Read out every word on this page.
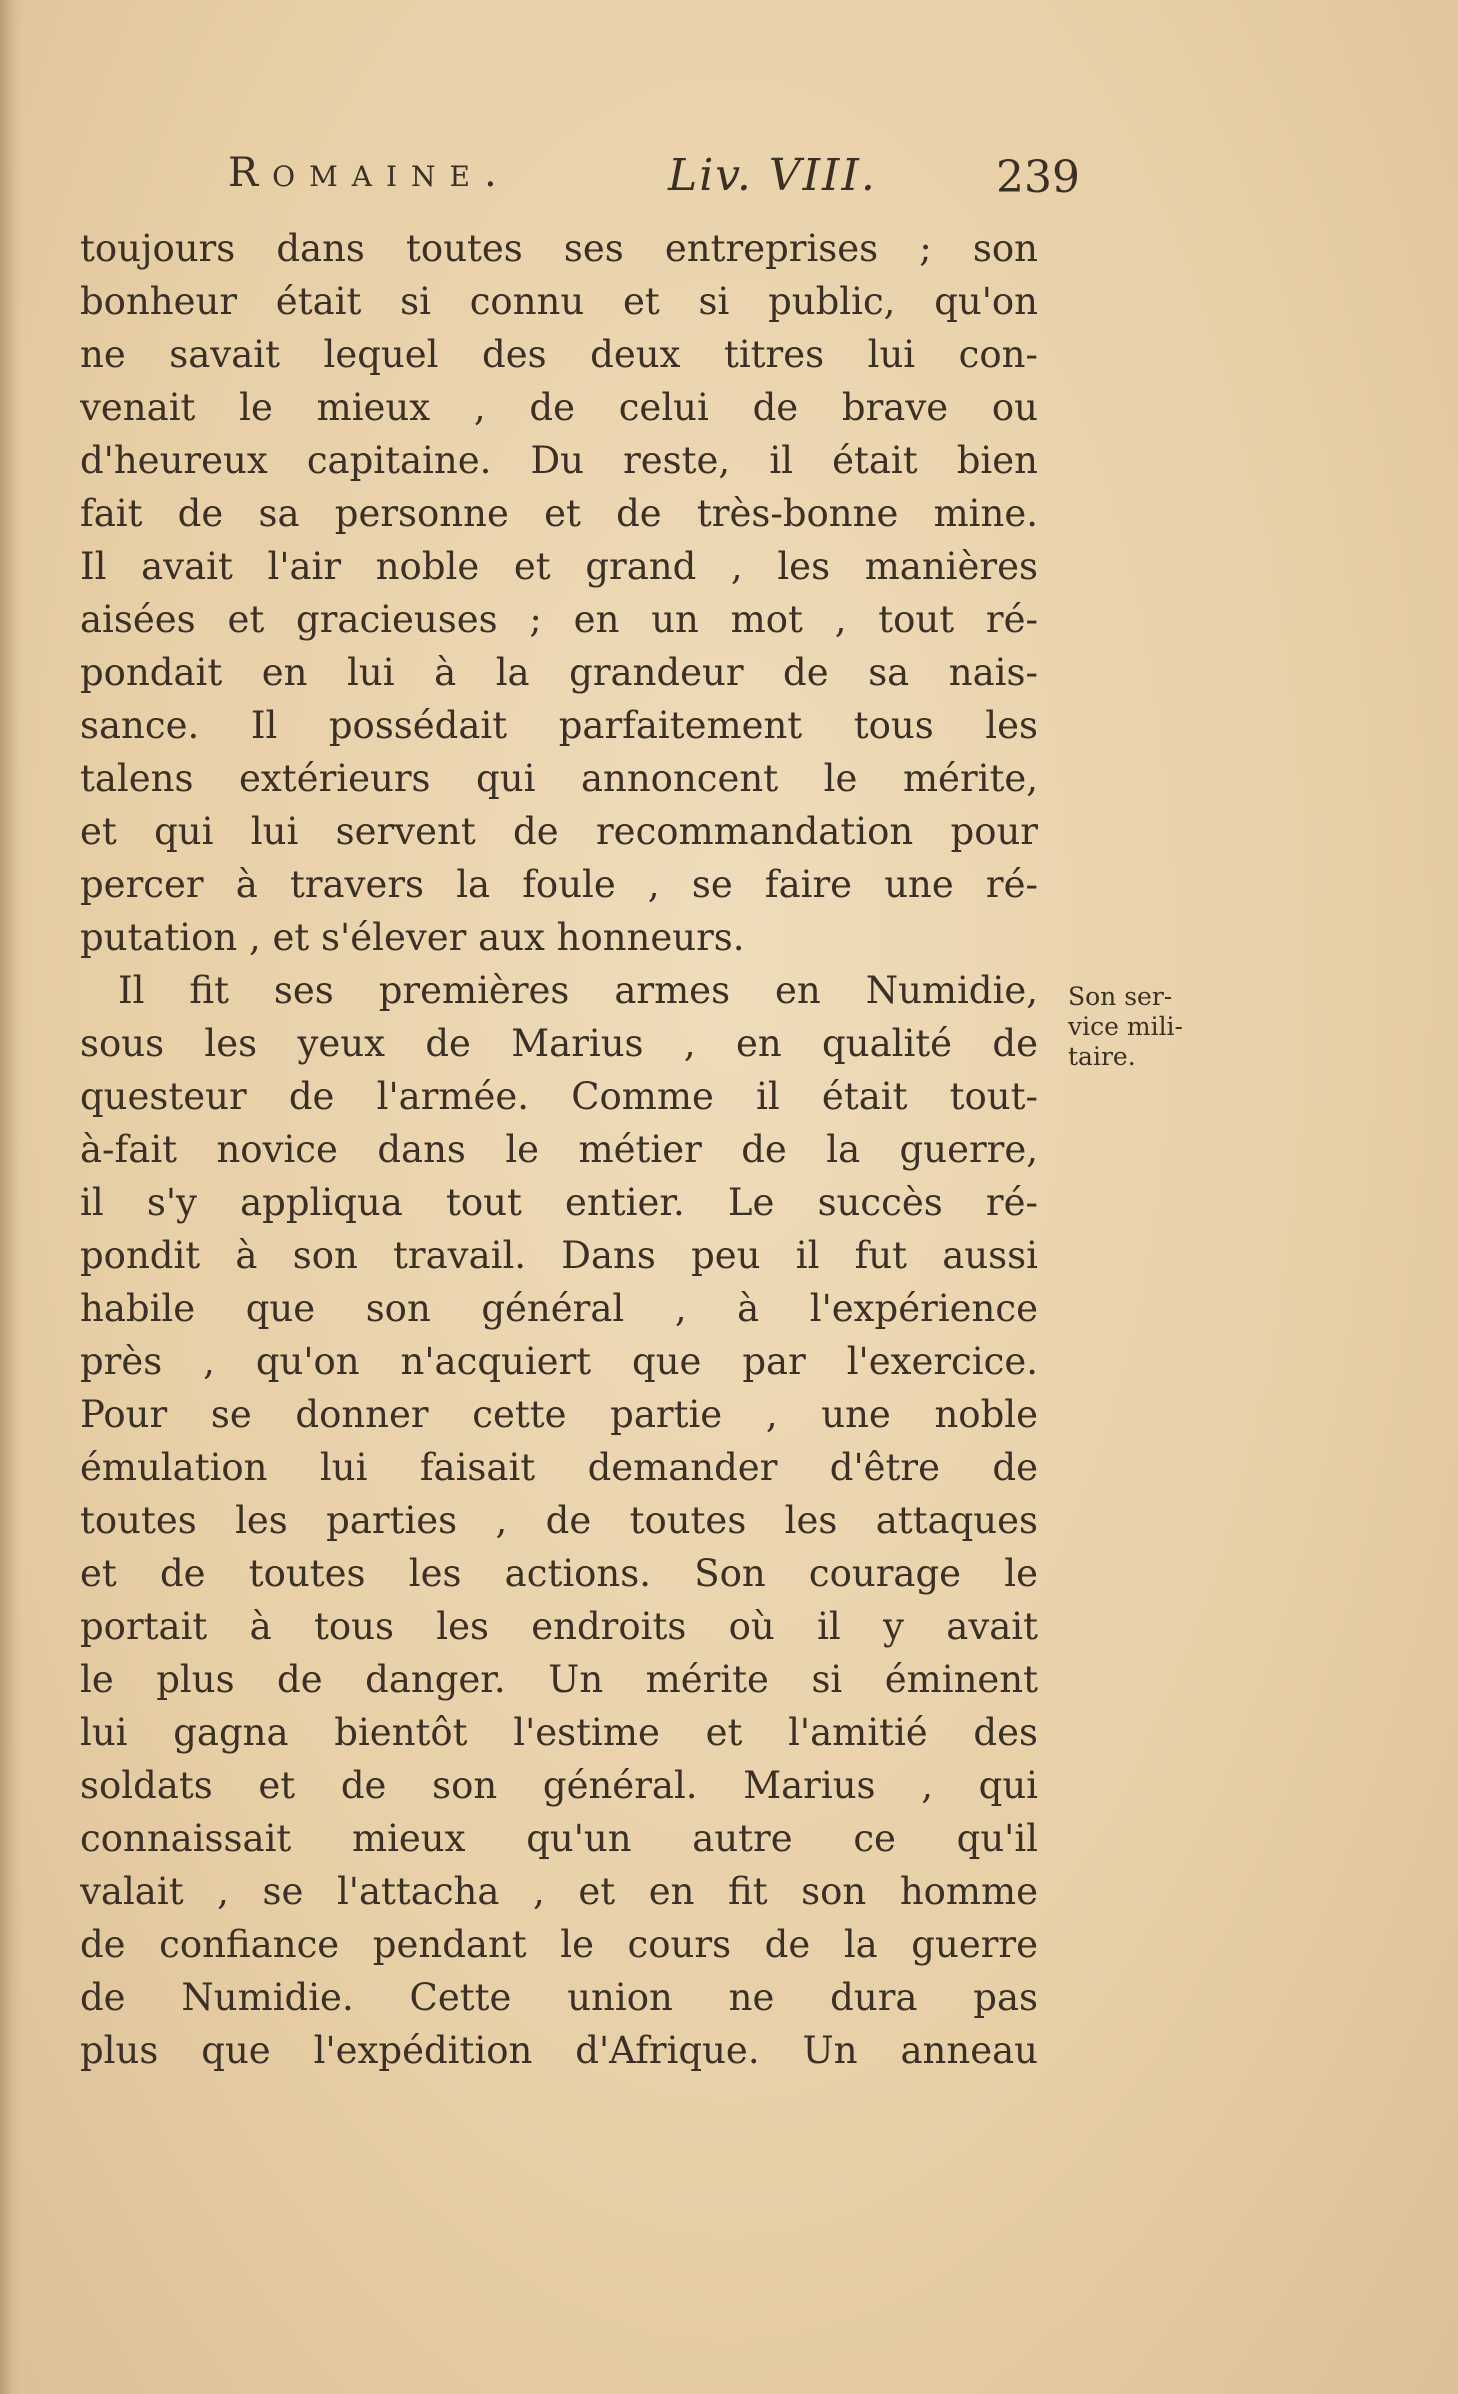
Romaine.	Liv. VIII.	239
toujours dans toutes ses entreprises ; son
bonheur était si connu et si public, qu'on
ne savait lequel des deux titres lui con-
venait le mieux , de celui de brave ou
d'heureux capitaine. Du reste, il était bien
fait de sa personne et de très-bonne mine.
Il avait l'air noble et grand , les manières
aisées et gracieuses ; en un mot , tout ré-
pondait en lui à la grandeur de sa nais-
sance. Il possédait parfaitement tous les
talens extérieurs qui annoncent le mérite,
et qui lui servent de recommandation pour
percer à travers la foule , se faire une ré-
putation , et s'élever aux honneurs.
Il fit ses premières armes en Numidie,
sous les yeux de Marius , en qualité de
questeur de l'armée. Comme il était tout-
à-fait novice dans le métier de la guerre,
il s'y appliqua tout entier. Le succès ré-
pondit à son travail. Dans peu il fut aussi
habile que son général , à l'expérience
près , qu'on n'acquiert que par l'exercice.
Pour se donner cette partie , une noble
émulation lui faisait demander d'être de
toutes les parties , de toutes les attaques
et de toutes les actions. Son courage le
portait à tous les endroits où il y avait
le plus de danger. Un mérite si éminent
lui gagna bientôt l'estime et l'amitié des
soldats et de son général. Marius , qui
connaissait mieux qu'un autre ce qu'il
valait , se l'attacha , et en fit son homme
de confiance pendant le cours de la guerre
de Numidie. Cette union ne dura pas
plus que l'expédition d'Afrique. Un anneau
Son ser-
vice mili-
taire.
